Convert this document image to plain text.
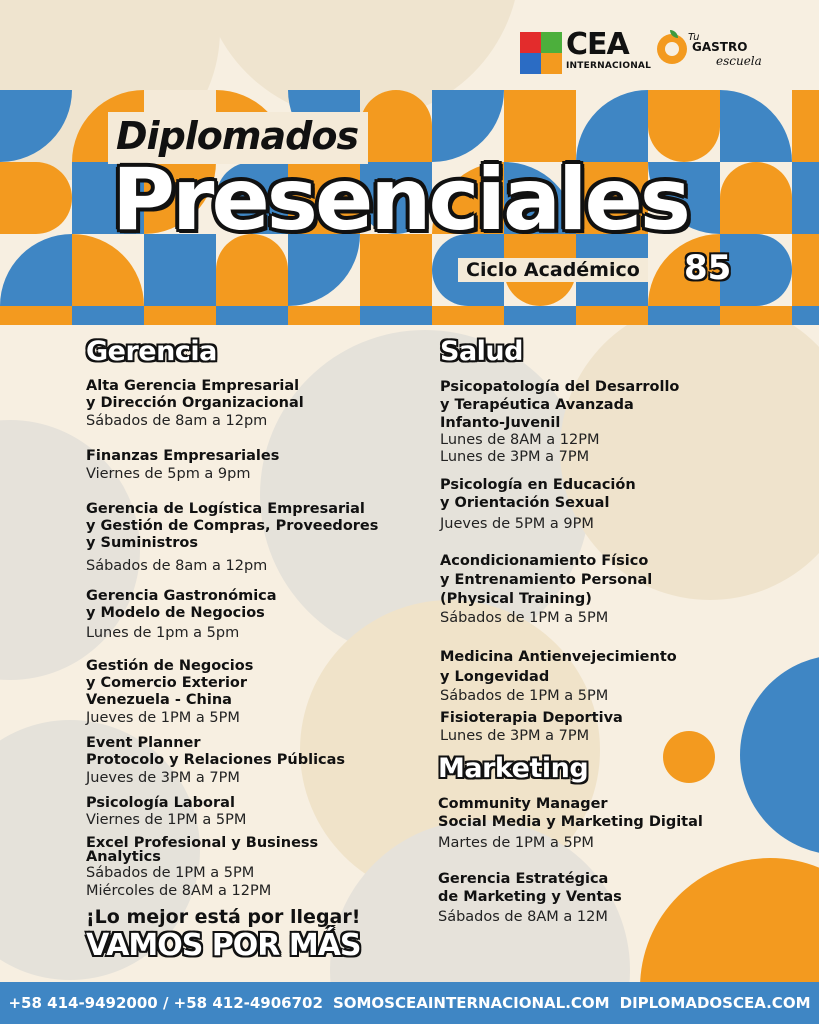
CEA
INTERNACIONAL
Tu
GASTRO
escuela
Diplomados
Presenciales
Ciclo Académico 85
Gerencia
Alta Gerencia Empresarial
y Dirección Organizacional
Sábados de 8am a 12pm
Finanzas Empresariales
Viernes de 5pm a 9pm
Gerencia de Logística Empresarial
y Gestión de Compras, Proveedores
y Suministros
Sábados de 8am a 12pm
Gerencia Gastronómica
y Modelo de Negocios
Lunes de 1pm a 5pm
Gestión de Negocios
y Comercio Exterior
Venezuela - China
Jueves de 1PM a 5PM
Event Planner
Protocolo y Relaciones Públicas
Jueves de 3PM a 7PM
Psicología Laboral
Viernes de 1PM a 5PM
Excel Profesional y Business
Analytics
Sábados de 1PM a 5PM
Miércoles de 8AM a 12PM
¡Lo mejor está por llegar!
VAMOS POR MÁS
Salud
Psicopatología del Desarrollo
y Terapéutica Avanzada
Infanto-Juvenil
Lunes de 8AM a 12PM
Lunes de 3PM a 7PM
Psicología en Educación
y Orientación Sexual
Jueves de 5PM a 9PM
Acondicionamiento Físico
y Entrenamiento Personal
(Physical Training)
Sábados de 1PM a 5PM
Medicina Antienvejecimiento
y Longevidad
Sábados de 1PM a 5PM
Fisioterapia Deportiva
Lunes de 3PM a 7PM
Marketing
Community Manager
Social Media y Marketing Digital
Martes de 1PM a 5PM
Gerencia Estratégica
de Marketing y Ventas
Sábados de 8AM a 12M
+58 414-9492000 / +58 412-4906702 SOMOSCEAINTERNACIONAL.COM DIPLOMADOSCEA.COM
